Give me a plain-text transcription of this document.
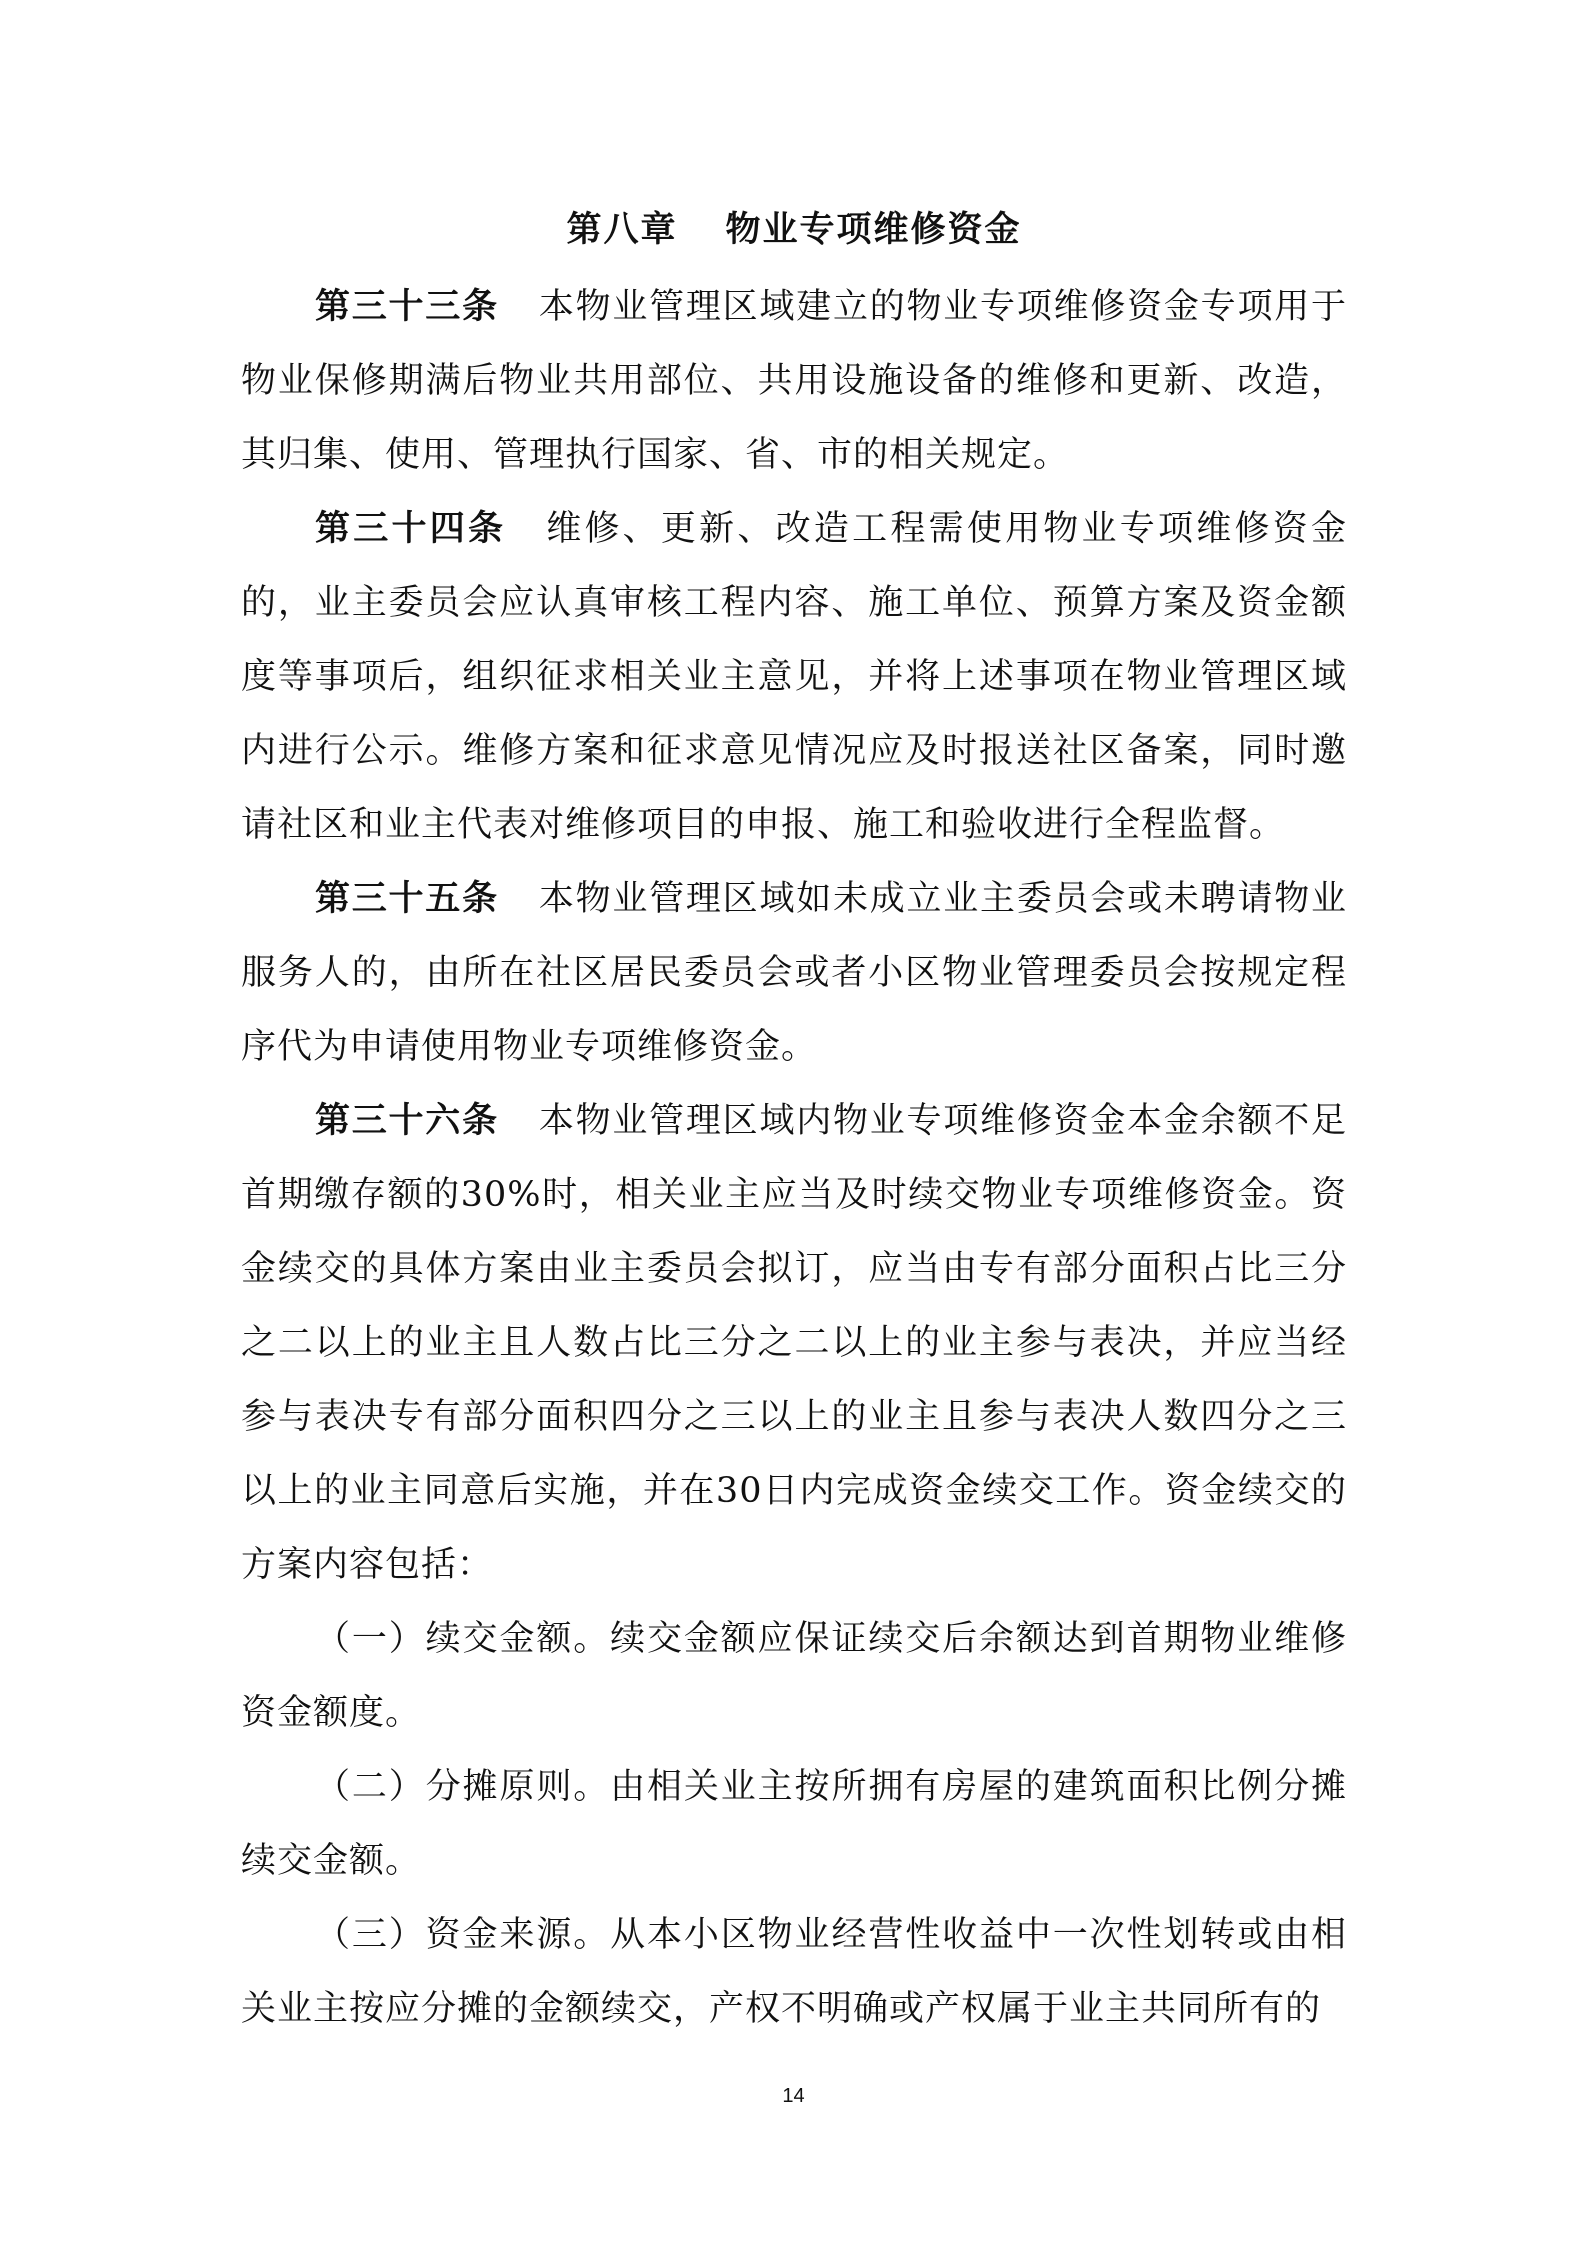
第八章 物业专项维修资金

第三十三条 本物业管理区域建立的物业专项维修资金专项用于物业保修期满后物业共用部位、共用设施设备的维修和更新、改造，其归集、使用、管理执行国家、省、市的相关规定。

第三十四条 维修、更新、改造工程需使用物业专项维修资金的，业主委员会应认真审核工程内容、施工单位、预算方案及资金额度等事项后，组织征求相关业主意见，并将上述事项在物业管理区域内进行公示。维修方案和征求意见情况应及时报送社区备案，同时邀请社区和业主代表对维修项目的申报、施工和验收进行全程监督。

第三十五条 本物业管理区域如未成立业主委员会或未聘请物业服务人的，由所在社区居民委员会或者小区物业管理委员会按规定程序代为申请使用物业专项维修资金。

第三十六条 本物业管理区域内物业专项维修资金本金余额不足首期缴存额的30%时，相关业主应当及时续交物业专项维修资金。资金续交的具体方案由业主委员会拟订，应当由专有部分面积占比三分之二以上的业主且人数占比三分之二以上的业主参与表决，并应当经参与表决专有部分面积四分之三以上的业主且参与表决人数四分之三以上的业主同意后实施，并在30日内完成资金续交工作。资金续交的方案内容包括：

（一）续交金额。续交金额应保证续交后余额达到首期物业维修资金额度。

（二）分摊原则。由相关业主按所拥有房屋的建筑面积比例分摊续交金额。

（三）资金来源。从本小区物业经营性收益中一次性划转或由相关业主按应分摊的金额续交，产权不明确或产权属于业主共同所有的

14
